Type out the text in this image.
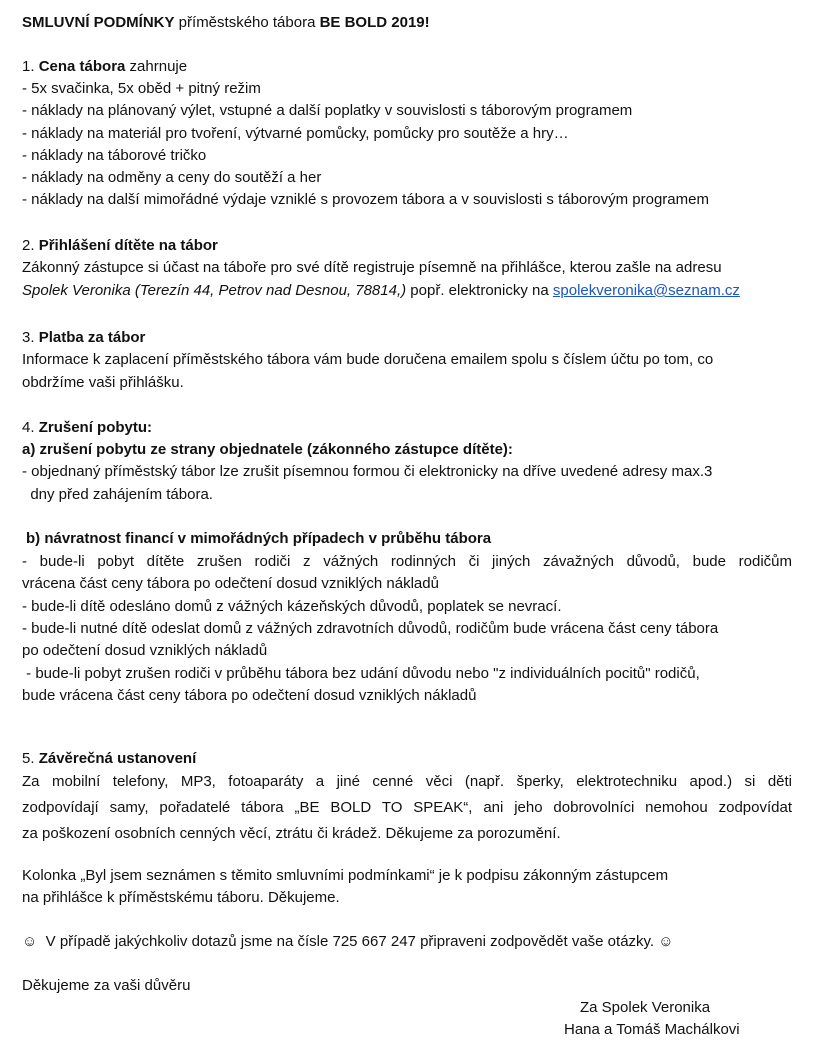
SMLUVNÍ PODMÍNKY příměstského tábora BE BOLD 2019!
1. Cena tábora zahrnuje
- 5x svačinka, 5x oběd + pitný režim
- náklady na plánovaný výlet, vstupné a další poplatky v souvislosti s táborovým programem
- náklady na materiál pro tvoření, výtvarné pomůcky, pomůcky pro soutěže a hry…
- náklady na táborové tričko
- náklady na odměny a ceny do soutěží a her
- náklady na další mimořádné výdaje vzniklé s provozem tábora a v souvislosti s táborovým programem
2. Přihlášení dítěte na tábor
Zákonný zástupce si účast na táboře pro své dítě registruje písemně na přihlášce, kterou zašle na adresu
Spolek Veronika (Terezín 44, Petrov nad Desnou, 78814,) popř. elektronicky na spolekveronika@seznam.cz
3. Platba za tábor
Informace k zaplacení příměstského tábora vám bude doručena emailem spolu s číslem účtu po tom, co
obdržíme vaši přihlášku.
4. Zrušení pobytu:
a) zrušení pobytu ze strany objednatele (zákonného zástupce dítěte):
- objednaný příměstský tábor lze zrušit písemnou formou či elektronicky na dříve uvedené adresy max.3
dny před zahájením tábora.
b) návratnost financí v mimořádných případech v průběhu tábora
- bude-li pobyt dítěte zrušen rodiči z vážných rodinných či jiných závažných důvodů, bude rodičům
vrácena část ceny tábora po odečtení dosud vzniklých nákladů
- bude-li dítě odesláno domů z vážných kázeňských důvodů, poplatek se nevrací.
- bude-li nutné dítě odeslat domů z vážných zdravotních důvodů, rodičům bude vrácena část ceny tábora
po odečtení dosud vzniklých nákladů
- bude-li pobyt zrušen rodiči v průběhu tábora bez udání důvodu nebo "z individuálních pocitů" rodičů,
bude vrácena část ceny tábora po odečtení dosud vzniklých nákladů
5. Závěrečná ustanovení
Za mobilní telefony, MP3, fotoaparáty a jiné cenné věci (např. šperky, elektrotechniku apod.) si děti
zodpovídají samy, pořadatelé tábora „BE BOLD TO SPEAK“, ani jeho dobrovolníci nemohou zodpovídat
za poškození osobních cenných věcí, ztrátu či krádež. Děkujeme za porozumění.
Kolonka „Byl jsem seznámen s těmito smluvními podmínkami“ je k podpisu zákonným zástupcem
na přihlášce k příměstskému táboru. Děkujeme.
☺ V případě jakýchkoliv dotazů jsme na čísle 725 667 247 připraveni zodpovědět vaše otázky. ☺
Děkujeme za vaši důvěru
Za Spolek Veronika
Hana a Tomáš Machálkovi
